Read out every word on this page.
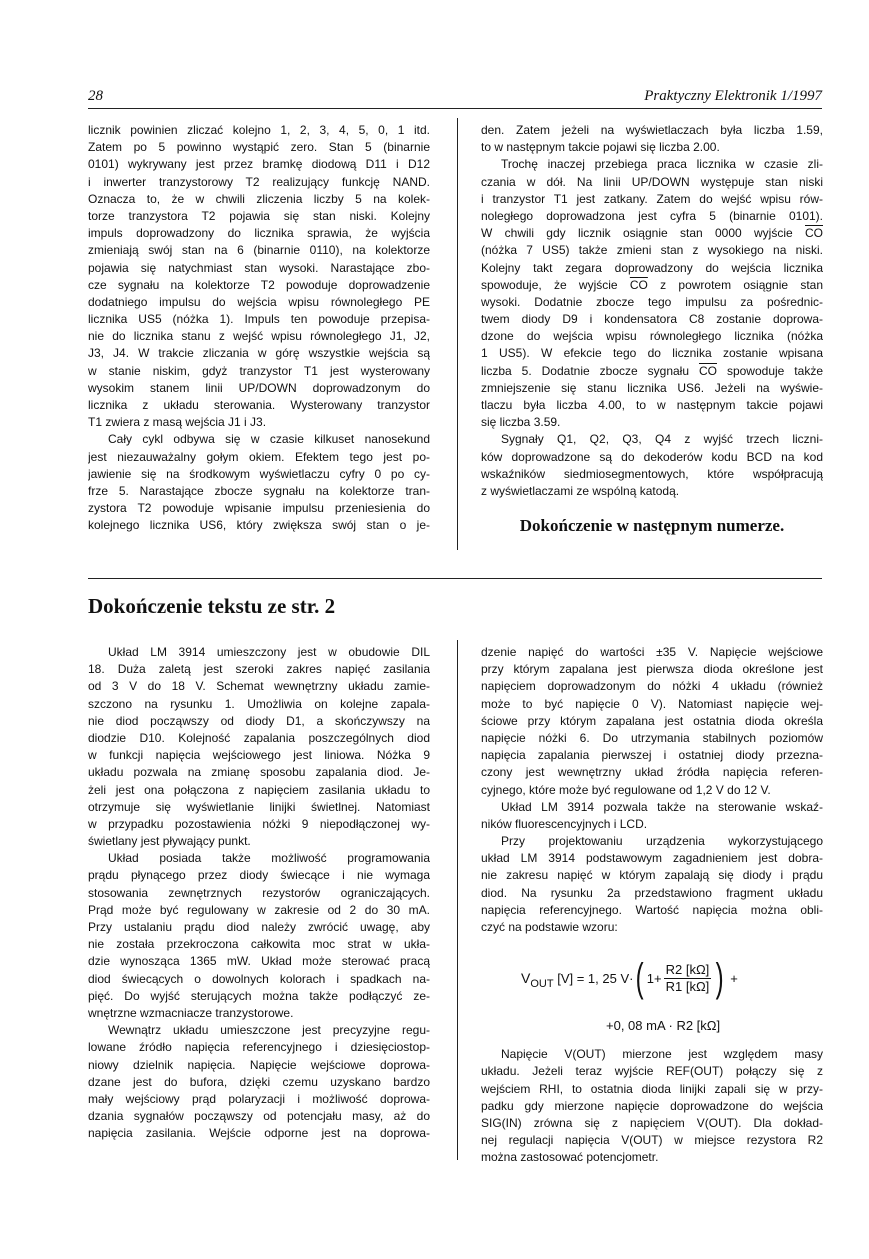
28	Praktyczny Elektronik 1/1997
licznik powinien zliczać kolejno 1, 2, 3, 4, 5, 0, 1 itd.
Zatem po 5 powinno wystąpić zero. Stan 5 (binarnie
0101) wykrywany jest przez bramkę diodową D11 i D12
i inwerter tranzystorowy T2 realizujący funkcję NAND.
Oznacza to, że w chwili zliczenia liczby 5 na kolek-
torze tranzystora T2 pojawia się stan niski. Kolejny
impuls doprowadzony do licznika sprawia, że wyjścia
zmieniają swój stan na 6 (binarnie 0110), na kolektorze
pojawia się natychmiast stan wysoki. Narastające zbo-
cze sygnału na kolektorze T2 powoduje doprowadzenie
dodatniego impulsu do wejścia wpisu równoległego PE
licznika US5 (nóżka 1). Impuls ten powoduje przepisa-
nie do licznika stanu z wejść wpisu równoległego J1, J2,
J3, J4. W trakcie zliczania w górę wszystkie wejścia są
w stanie niskim, gdyż tranzystor T1 jest wysterowany
wysokim stanem linii UP/DOWN doprowadzonym do
licznika z układu sterowania. Wysterowany tranzystor
T1 zwiera z masą wejścia J1 i J3.
Cały cykl odbywa się w czasie kilkuset nanosekund
jest niezauważalny gołym okiem. Efektem tego jest po-
jawienie się na środkowym wyświetlaczu cyfry 0 po cy-
frze 5. Narastające zbocze sygnału na kolektorze tran-
zystora T2 powoduje wpisanie impulsu przeniesienia do
kolejnego licznika US6, który zwiększa swój stan o je-
den. Zatem jeżeli na wyświetlaczach była liczba 1.59,
to w następnym takcie pojawi się liczba 2.00.
Trochę inaczej przebiega praca licznika w czasie zli-
czania w dół. Na linii UP/DOWN występuje stan niski
i tranzystor T1 jest zatkany. Zatem do wejść wpisu rów-
noległego doprowadzona jest cyfra 5 (binarnie 0101).
W chwili gdy licznik osiągnie stan 0000 wyjście $\overline{CO}$
(nóżka 7 US5) także zmieni stan z wysokiego na niski.
Kolejny takt zegara doprowadzony do wejścia licznika
spowoduje, że wyjście $\overline{CO}$ z powrotem osiągnie stan
wysoki. Dodatnie zbocze tego impulsu za pośrednic-
twem diody D9 i kondensatora C8 zostanie doprowa-
dzone do wejścia wpisu równoległego licznika (nóżka
1 US5). W efekcie tego do licznika zostanie wpisana
liczba 5. Dodatnie zbocze sygnału $\overline{CO}$ spowoduje także
zmniejszenie się stanu licznika US6. Jeżeli na wyświe-
tlaczu była liczba 4.00, to w następnym takcie pojawi
się liczba 3.59.
Sygnały Q1, Q2, Q3, Q4 z wyjść trzech liczni-
ków doprowadzone są do dekoderów kodu BCD na kod
wskaźników siedmiosegmentowych, które współpracują
z wyświetlaczami ze wspólną katodą.
Dokończenie w następnym numerze.
Dokończenie tekstu ze str. 2
Układ LM 3914 umieszczony jest w obudowie DIL
18. Duża zaletą jest szeroki zakres napięć zasilania
od 3 V do 18 V. Schemat wewnętrzny układu zamie-
szczono na rysunku 1. Umożliwia on kolejne zapala-
nie diod począwszy od diody D1, a skończywszy na
diodzie D10. Kolejność zapalania poszczególnych diod
w funkcji napięcia wejściowego jest liniowa. Nóżka 9
układu pozwala na zmianę sposobu zapalania diod. Je-
żeli jest ona połączona z napięciem zasilania układu to
otrzymuje się wyświetlanie linijki świetlnej. Natomiast
w przypadku pozostawienia nóżki 9 niepodłączonej wy-
świetlany jest pływający punkt.
Układ posiada także możliwość programowania
prądu płynącego przez diody świecące i nie wymaga
stosowania zewnętrznych rezystorów ograniczających.
Prąd może być regulowany w zakresie od 2 do 30 mA.
Przy ustalaniu prądu diod należy zwrócić uwagę, aby
nie została przekroczona całkowita moc strat w ukła-
dzie wynosząca 1365 mW. Układ może sterować pracą
diod świecących o dowolnych kolorach i spadkach na-
pięć. Do wyjść sterujących można także podłączyć ze-
wnętrzne wzmacniacze tranzystorowe.
Wewnątrz układu umieszczone jest precyzyjne regu-
lowane źródło napięcia referencyjnego i dziesięciostop-
niowy dzielnik napięcia. Napięcie wejściowe doprowa-
dzane jest do bufora, dzięki czemu uzyskano bardzo
mały wejściowy prąd polaryzacji i możliwość doprowa-
dzania sygnałów począwszy od potencjału masy, aż do
napięcia zasilania. Wejście odporne jest na doprowa-
dzenie napięć do wartości ±35 V. Napięcie wejściowe
przy którym zapalana jest pierwsza dioda określone jest
napięciem doprowadzonym do nóżki 4 układu (również
może to być napięcie 0 V). Natomiast napięcie wej-
ściowe przy którym zapalana jest ostatnia dioda określa
napięcie nóżki 6. Do utrzymania stabilnych poziomów
napięcia zapalania pierwszej i ostatniej diody przezna-
czony jest wewnętrzny układ źródła napięcia referen-
cyjnego, które może być regulowane od 1,2 V do 12 V.
Układ LM 3914 pozwala także na sterowanie wskaź-
ników fluorescencyjnych i LCD.
Przy projektowaniu urządzenia wykorzystującego
układ LM 3914 podstawowym zagadnieniem jest dobra-
nie zakresu napięć w którym zapalają się diody i prądu
diod. Na rysunku 2a przedstawiono fragment układu
napięcia referencyjnego. Wartość napięcia można obli-
czyć na podstawie wzoru:
$V_{OUT}$
[V] = 1, 25 V· ( $1+ \frac{R2 [k\Omega]}{R1 [k\Omega]}$ )
+
+0, 08 mA · R2 [kΩ]
Napięcie V(OUT) mierzone jest względem masy
układu. Jeżeli teraz wyjście REF(OUT) połączy się z
wejściem RHI, to ostatnia dioda linijki zapali się w przy-
padku gdy mierzone napięcie doprowadzone do wejścia
SIG(IN) zrówna się z napięciem V(OUT). Dla dokład-
nej regulacji napięcia V(OUT) w miejsce rezystora R2
można zastosować potencjometr.
